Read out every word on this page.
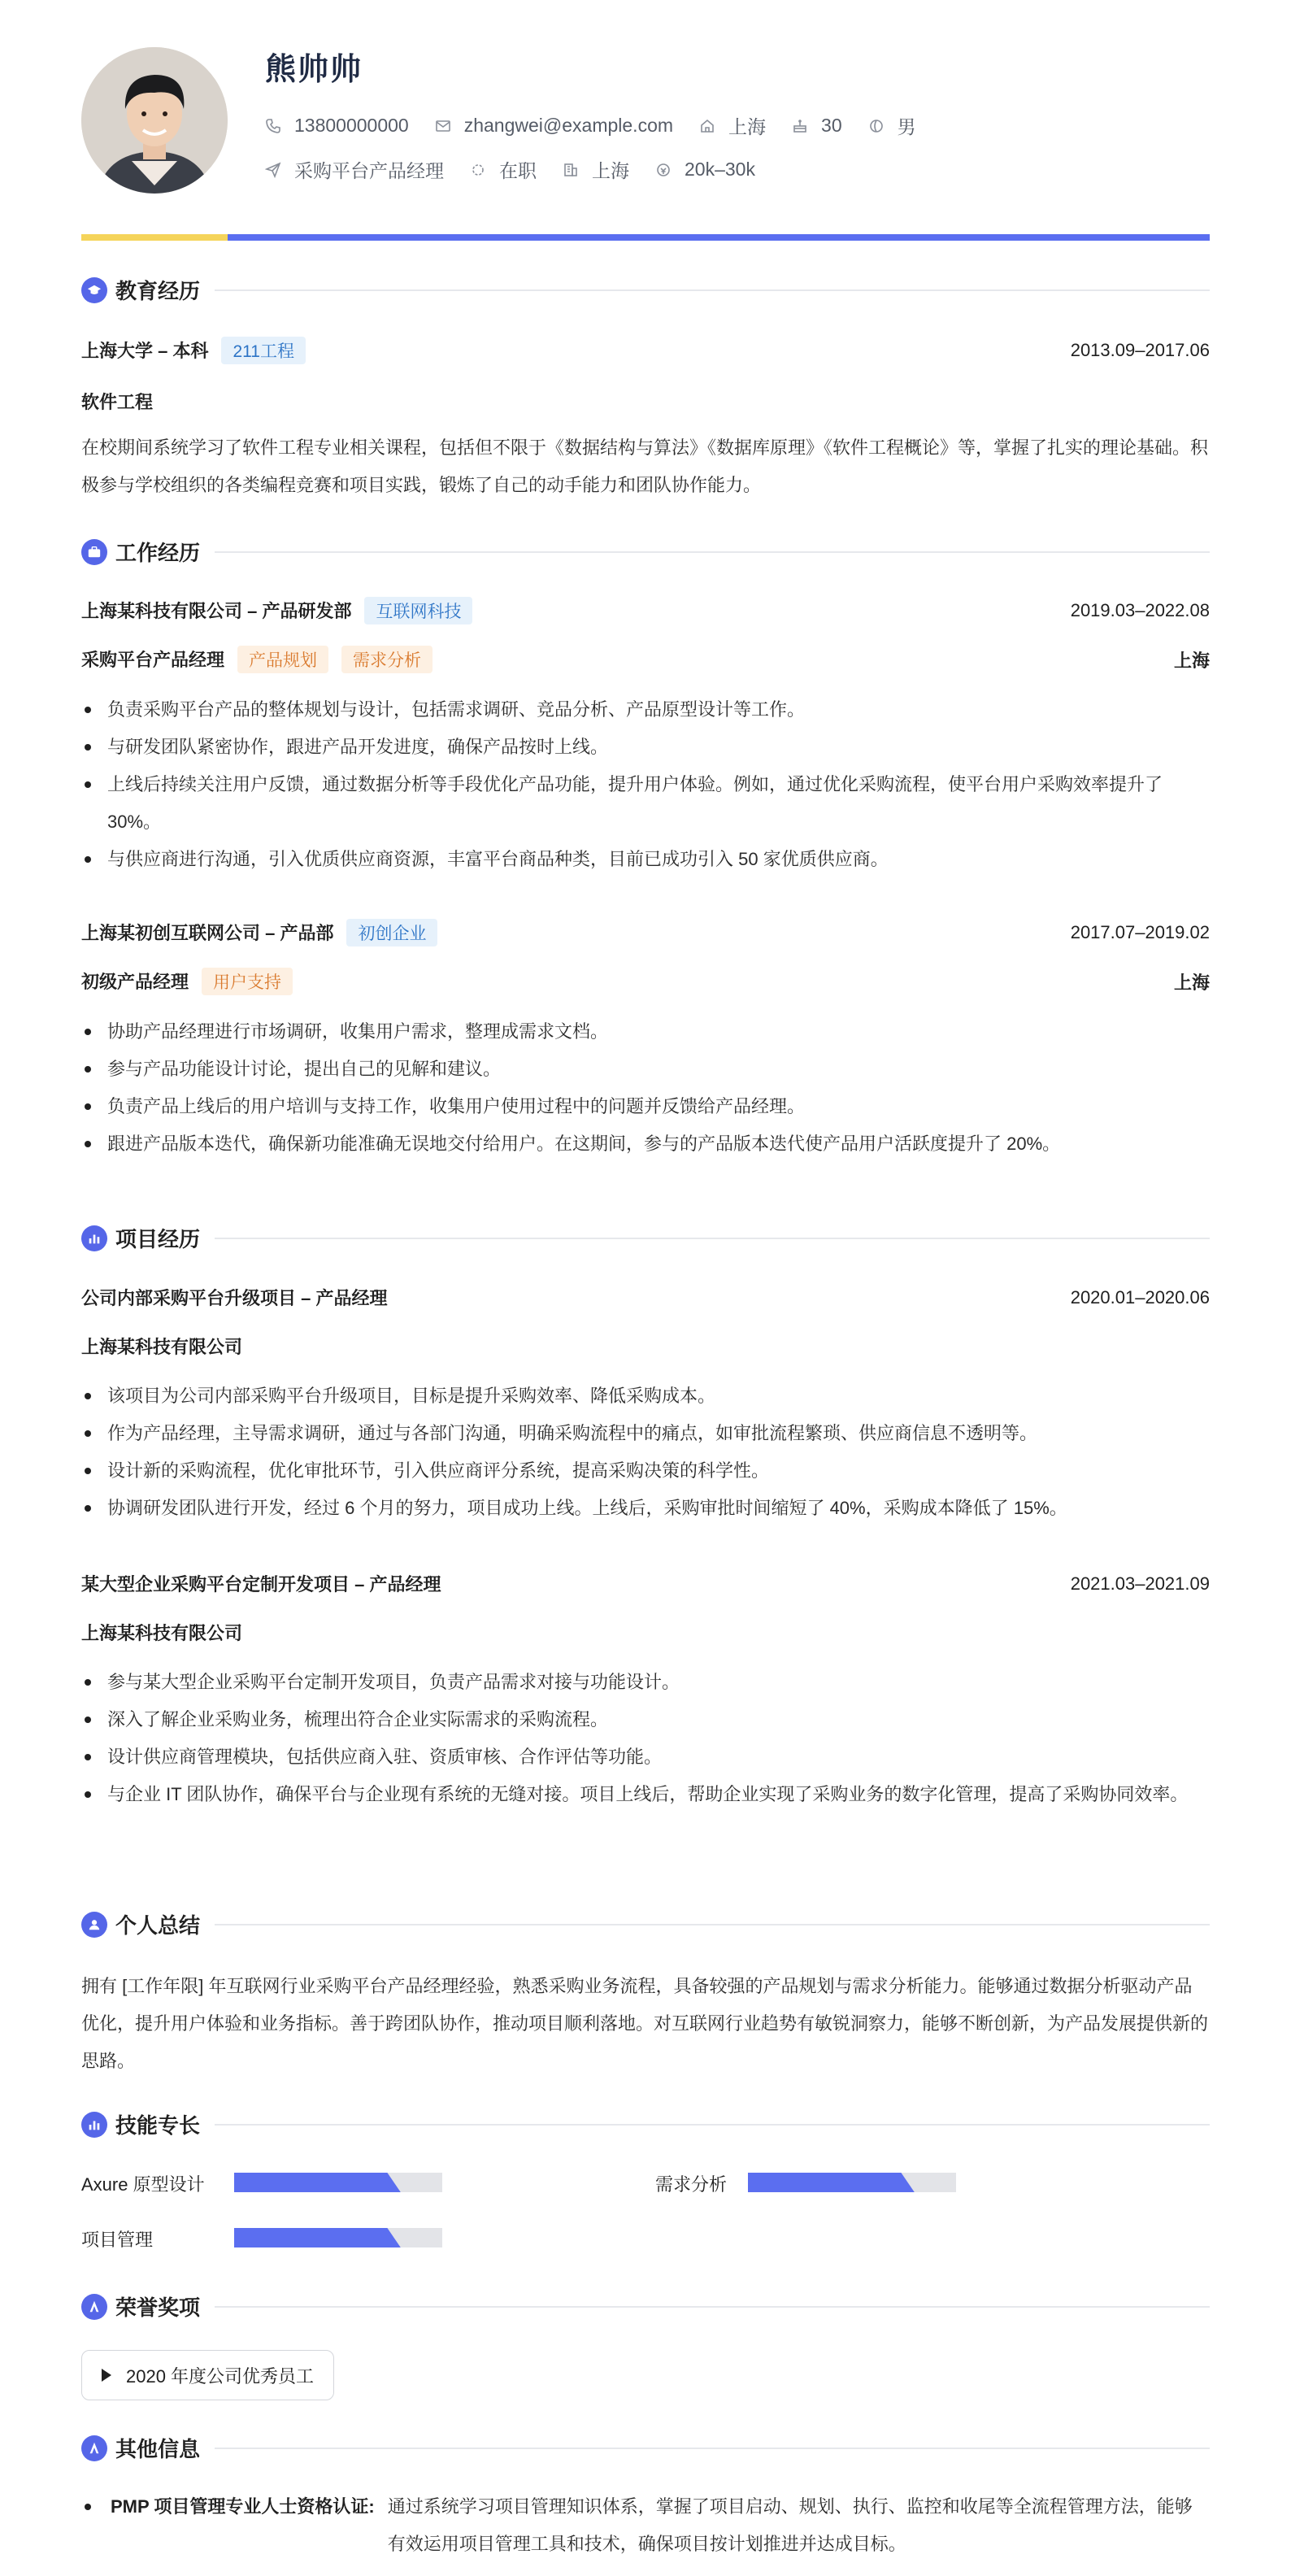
熊帅帅
13800000000	zhangwei@example.com	上海	30	男
采购平台产品经理	在职	上海	20k–30k
教育经历
上海大学 – 本科 211工程	2013.09–2017.06
软件工程
在校期间系统学习了软件工程专业相关课程，包括但不限于《数据结构与算法》《数据库原理》《软件工程概论》等，掌握了扎实的理论基础。积极参与学校组织的各类编程竞赛和项目实践，锻炼了自己的动手能力和团队协作能力。
工作经历
上海某科技有限公司 – 产品研发部 互联网科技	2019.03–2022.08
采购平台产品经理 产品规划 需求分析	上海
负责采购平台产品的整体规划与设计，包括需求调研、竞品分析、产品原型设计等工作。
与研发团队紧密协作，跟进产品开发进度，确保产品按时上线。
上线后持续关注用户反馈，通过数据分析等手段优化产品功能，提升用户体验。例如，通过优化采购流程，使平台用户采购效率提升了 30%。
与供应商进行沟通，引入优质供应商资源，丰富平台商品种类，目前已成功引入 50 家优质供应商。
上海某初创互联网公司 – 产品部 初创企业	2017.07–2019.02
初级产品经理 用户支持	上海
协助产品经理进行市场调研，收集用户需求，整理成需求文档。
参与产品功能设计讨论，提出自己的见解和建议。
负责产品上线后的用户培训与支持工作，收集用户使用过程中的问题并反馈给产品经理。
跟进产品版本迭代，确保新功能准确无误地交付给用户。在这期间，参与的产品版本迭代使产品用户活跃度提升了 20%。
项目经历
公司内部采购平台升级项目 – 产品经理	2020.01–2020.06
上海某科技有限公司
该项目为公司内部采购平台升级项目，目标是提升采购效率、降低采购成本。
作为产品经理，主导需求调研，通过与各部门沟通，明确采购流程中的痛点，如审批流程繁琐、供应商信息不透明等。
设计新的采购流程，优化审批环节，引入供应商评分系统，提高采购决策的科学性。
协调研发团队进行开发，经过 6 个月的努力，项目成功上线。上线后，采购审批时间缩短了 40%，采购成本降低了 15%。
某大型企业采购平台定制开发项目 – 产品经理	2021.03–2021.09
上海某科技有限公司
参与某大型企业采购平台定制开发项目，负责产品需求对接与功能设计。
深入了解企业采购业务，梳理出符合企业实际需求的采购流程。
设计供应商管理模块，包括供应商入驻、资质审核、合作评估等功能。
与企业 IT 团队协作，确保平台与企业现有系统的无缝对接。项目上线后，帮助企业实现了采购业务的数字化管理，提高了采购协同效率。
个人总结
拥有 [工作年限] 年互联网行业采购平台产品经理经验，熟悉采购业务流程，具备较强的产品规划与需求分析能力。能够通过数据分析驱动产品优化，提升用户体验和业务指标。善于跨团队协作，推动项目顺利落地。对互联网行业趋势有敏锐洞察力，能够不断创新，为产品发展提供新的思路。
技能专长
Axure 原型设计	需求分析
项目管理
荣誉奖项
2020 年度公司优秀员工
其他信息
PMP 项目管理专业人士资格认证: 通过系统学习项目管理知识体系，掌握了项目启动、规划、执行、监控和收尾等全流程管理方法，能够有效运用项目管理工具和技术，确保项目按计划推进并达成目标。
